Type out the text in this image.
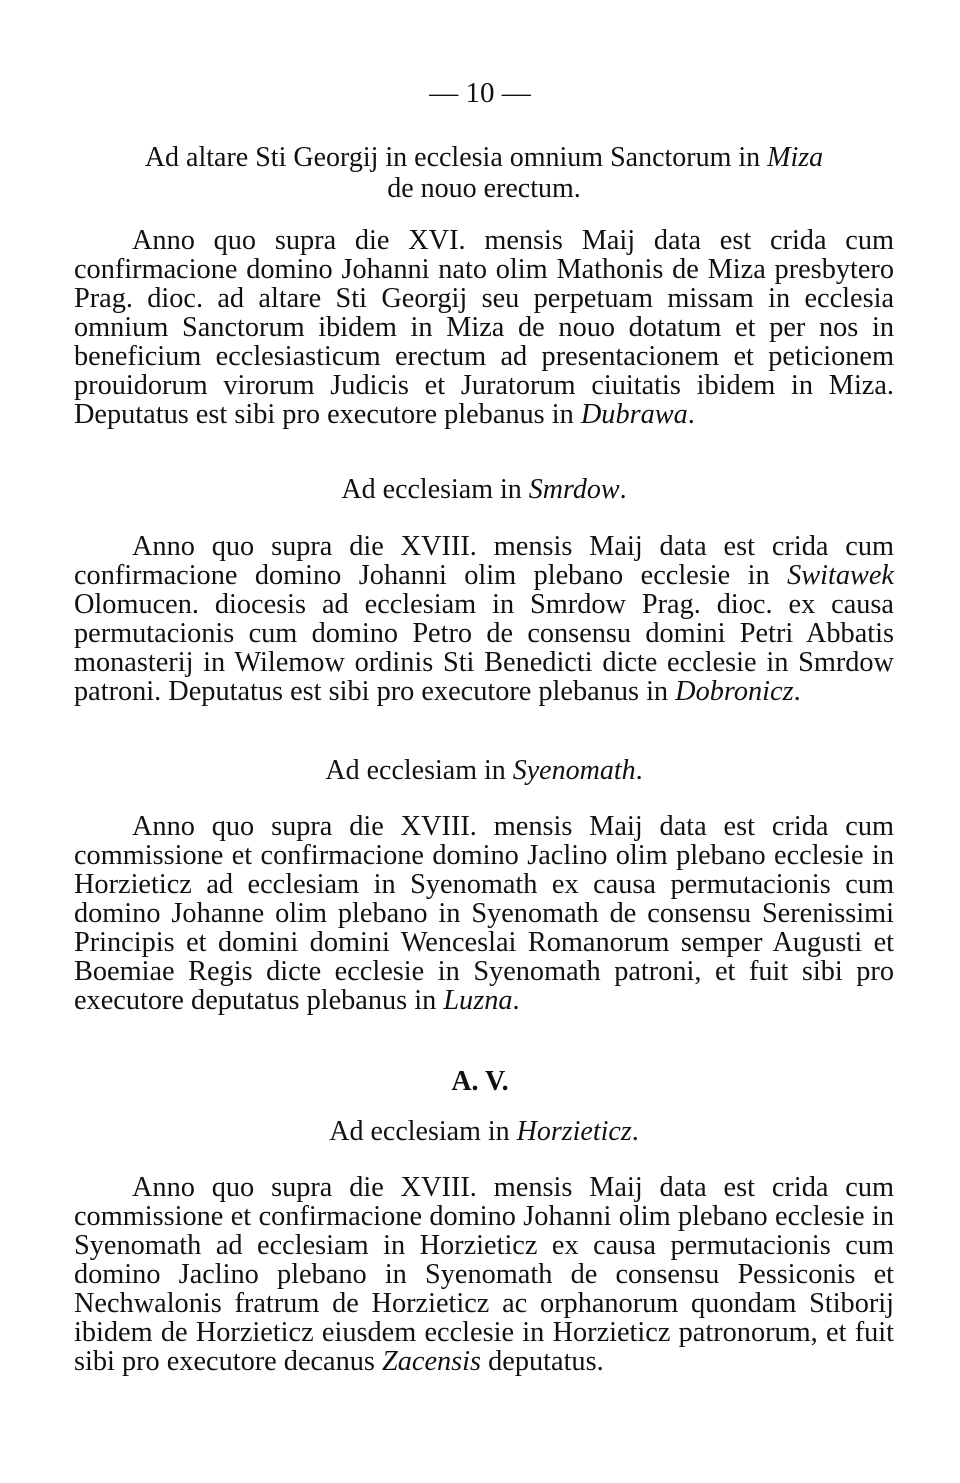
— 10 —
Ad altare Sti Georgij in ecclesia omnium Sanctorum in Miza
de nouo erectum.
Anno quo supra die XVI. mensis Maij data est crida cum confirmacione domino Johanni nato olim Mathonis de Miza presbytero Prag. dioc. ad altare Sti Georgij seu perpetuam missam in ecclesia omnium Sanctorum ibidem in Miza de nouo dotatum et per nos in beneficium ecclesiasticum erectum ad presentacionem et peticionem prouidorum virorum Judicis et Juratorum ciuitatis ibidem in Miza. Deputatus est sibi pro executore plebanus in Dubrawa.
Ad ecclesiam in Smrdow.
Anno quo supra die XVIII. mensis Maij data est crida cum confirmacione domino Johanni olim plebano ecclesie in Switawek Olomucen. diocesis ad ecclesiam in Smrdow Prag. dioc. ex causa permutacionis cum domino Petro de consensu domini Petri Abbatis monasterij in Wilemow ordinis Sti Benedicti dicte ecclesie in Smrdow patroni. Deputatus est sibi pro executore plebanus in Dobronicz.
Ad ecclesiam in Syenomath.
Anno quo supra die XVIII. mensis Maij data est crida cum commissione et confirmacione domino Jaclino olim plebano ecclesie in Horzieticz ad ecclesiam in Syenomath ex causa permutacionis cum domino Johanne olim plebano in Syenomath de consensu Serenissimi Principis et domini domini Wenceslai Romanorum semper Augusti et Boemiae Regis dicte ecclesie in Syenomath patroni, et fuit sibi pro executore deputatus plebanus in Luzna.
A. V.
Ad ecclesiam in Horzieticz.
Anno quo supra die XVIII. mensis Maij data est crida cum commissione et confirmacione domino Johanni olim plebano ecclesie in Syenomath ad ecclesiam in Horzieticz ex causa permutacionis cum domino Jaclino plebano in Syenomath de consensu Pessiconis et Nechwalonis fratrum de Horzieticz ac orphanorum quondam Stiborij ibidem de Horzieticz eiusdem ecclesie in Horzieticz patronorum, et fuit sibi pro executore decanus Zacensis deputatus.
